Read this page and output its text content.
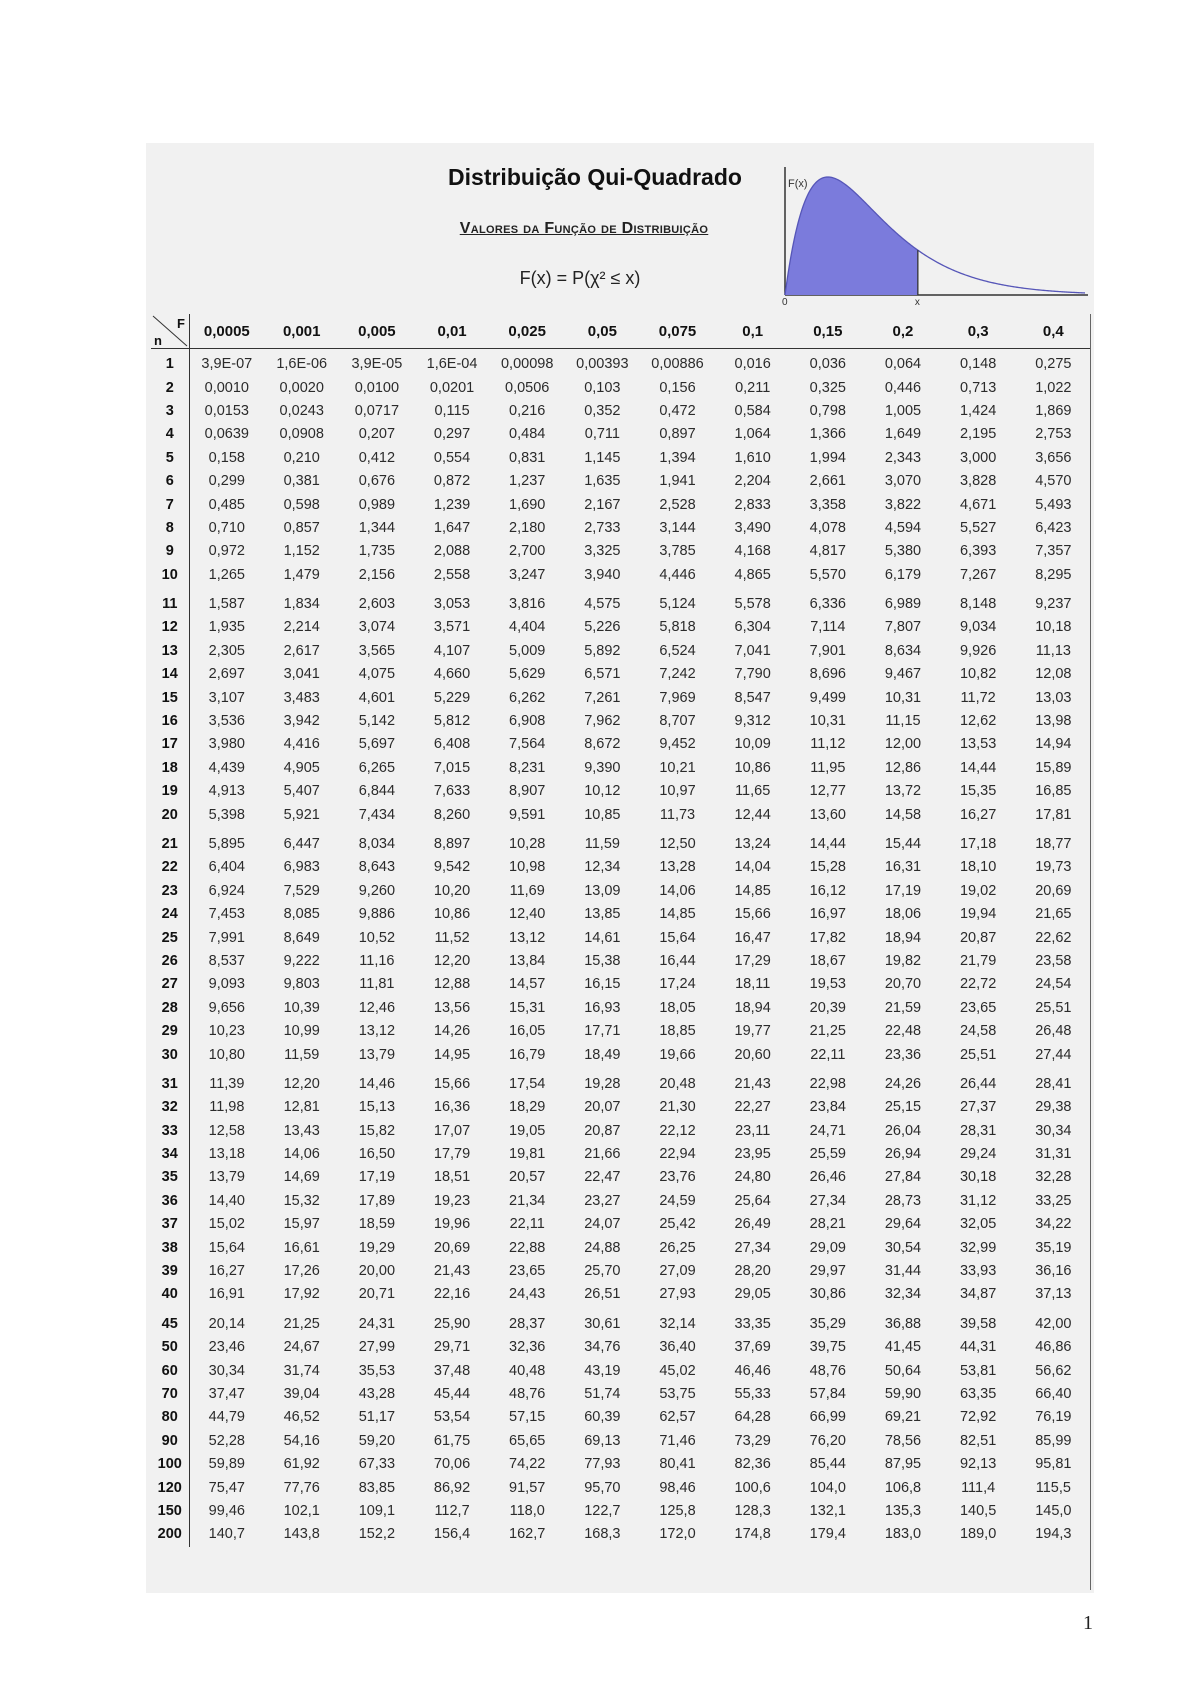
Distribuição Qui-Quadrado
Valores da Função de Distribuição
F(x) = P(χ² ≤ x)
F(x)
0	x
F
n	0,0005	0,001	0,005	0,01	0,025	0,05	0,075	0,1	0,15	0,2	0,3	0,4
1	3,9E-07	1,6E-06	3,9E-05	1,6E-04	0,00098	0,00393	0,00886	0,016	0,036	0,064	0,148	0,275
2	0,0010	0,0020	0,0100	0,0201	0,0506	0,103	0,156	0,211	0,325	0,446	0,713	1,022
3	0,0153	0,0243	0,0717	0,115	0,216	0,352	0,472	0,584	0,798	1,005	1,424	1,869
4	0,0639	0,0908	0,207	0,297	0,484	0,711	0,897	1,064	1,366	1,649	2,195	2,753
5	0,158	0,210	0,412	0,554	0,831	1,145	1,394	1,610	1,994	2,343	3,000	3,656
6	0,299	0,381	0,676	0,872	1,237	1,635	1,941	2,204	2,661	3,070	3,828	4,570
7	0,485	0,598	0,989	1,239	1,690	2,167	2,528	2,833	3,358	3,822	4,671	5,493
8	0,710	0,857	1,344	1,647	2,180	2,733	3,144	3,490	4,078	4,594	5,527	6,423
9	0,972	1,152	1,735	2,088	2,700	3,325	3,785	4,168	4,817	5,380	6,393	7,357
10	1,265	1,479	2,156	2,558	3,247	3,940	4,446	4,865	5,570	6,179	7,267	8,295
11	1,587	1,834	2,603	3,053	3,816	4,575	5,124	5,578	6,336	6,989	8,148	9,237
12	1,935	2,214	3,074	3,571	4,404	5,226	5,818	6,304	7,114	7,807	9,034	10,18
13	2,305	2,617	3,565	4,107	5,009	5,892	6,524	7,041	7,901	8,634	9,926	11,13
14	2,697	3,041	4,075	4,660	5,629	6,571	7,242	7,790	8,696	9,467	10,82	12,08
15	3,107	3,483	4,601	5,229	6,262	7,261	7,969	8,547	9,499	10,31	11,72	13,03
16	3,536	3,942	5,142	5,812	6,908	7,962	8,707	9,312	10,31	11,15	12,62	13,98
17	3,980	4,416	5,697	6,408	7,564	8,672	9,452	10,09	11,12	12,00	13,53	14,94
18	4,439	4,905	6,265	7,015	8,231	9,390	10,21	10,86	11,95	12,86	14,44	15,89
19	4,913	5,407	6,844	7,633	8,907	10,12	10,97	11,65	12,77	13,72	15,35	16,85
20	5,398	5,921	7,434	8,260	9,591	10,85	11,73	12,44	13,60	14,58	16,27	17,81
21	5,895	6,447	8,034	8,897	10,28	11,59	12,50	13,24	14,44	15,44	17,18	18,77
22	6,404	6,983	8,643	9,542	10,98	12,34	13,28	14,04	15,28	16,31	18,10	19,73
23	6,924	7,529	9,260	10,20	11,69	13,09	14,06	14,85	16,12	17,19	19,02	20,69
24	7,453	8,085	9,886	10,86	12,40	13,85	14,85	15,66	16,97	18,06	19,94	21,65
25	7,991	8,649	10,52	11,52	13,12	14,61	15,64	16,47	17,82	18,94	20,87	22,62
26	8,537	9,222	11,16	12,20	13,84	15,38	16,44	17,29	18,67	19,82	21,79	23,58
27	9,093	9,803	11,81	12,88	14,57	16,15	17,24	18,11	19,53	20,70	22,72	24,54
28	9,656	10,39	12,46	13,56	15,31	16,93	18,05	18,94	20,39	21,59	23,65	25,51
29	10,23	10,99	13,12	14,26	16,05	17,71	18,85	19,77	21,25	22,48	24,58	26,48
30	10,80	11,59	13,79	14,95	16,79	18,49	19,66	20,60	22,11	23,36	25,51	27,44
31	11,39	12,20	14,46	15,66	17,54	19,28	20,48	21,43	22,98	24,26	26,44	28,41
32	11,98	12,81	15,13	16,36	18,29	20,07	21,30	22,27	23,84	25,15	27,37	29,38
33	12,58	13,43	15,82	17,07	19,05	20,87	22,12	23,11	24,71	26,04	28,31	30,34
34	13,18	14,06	16,50	17,79	19,81	21,66	22,94	23,95	25,59	26,94	29,24	31,31
35	13,79	14,69	17,19	18,51	20,57	22,47	23,76	24,80	26,46	27,84	30,18	32,28
36	14,40	15,32	17,89	19,23	21,34	23,27	24,59	25,64	27,34	28,73	31,12	33,25
37	15,02	15,97	18,59	19,96	22,11	24,07	25,42	26,49	28,21	29,64	32,05	34,22
38	15,64	16,61	19,29	20,69	22,88	24,88	26,25	27,34	29,09	30,54	32,99	35,19
39	16,27	17,26	20,00	21,43	23,65	25,70	27,09	28,20	29,97	31,44	33,93	36,16
40	16,91	17,92	20,71	22,16	24,43	26,51	27,93	29,05	30,86	32,34	34,87	37,13
45	20,14	21,25	24,31	25,90	28,37	30,61	32,14	33,35	35,29	36,88	39,58	42,00
50	23,46	24,67	27,99	29,71	32,36	34,76	36,40	37,69	39,75	41,45	44,31	46,86
60	30,34	31,74	35,53	37,48	40,48	43,19	45,02	46,46	48,76	50,64	53,81	56,62
70	37,47	39,04	43,28	45,44	48,76	51,74	53,75	55,33	57,84	59,90	63,35	66,40
80	44,79	46,52	51,17	53,54	57,15	60,39	62,57	64,28	66,99	69,21	72,92	76,19
90	52,28	54,16	59,20	61,75	65,65	69,13	71,46	73,29	76,20	78,56	82,51	85,99
100	59,89	61,92	67,33	70,06	74,22	77,93	80,41	82,36	85,44	87,95	92,13	95,81
120	75,47	77,76	83,85	86,92	91,57	95,70	98,46	100,6	104,0	106,8	111,4	115,5
150	99,46	102,1	109,1	112,7	118,0	122,7	125,8	128,3	132,1	135,3	140,5	145,0
200	140,7	143,8	152,2	156,4	162,7	168,3	172,0	174,8	179,4	183,0	189,0	194,3
1
